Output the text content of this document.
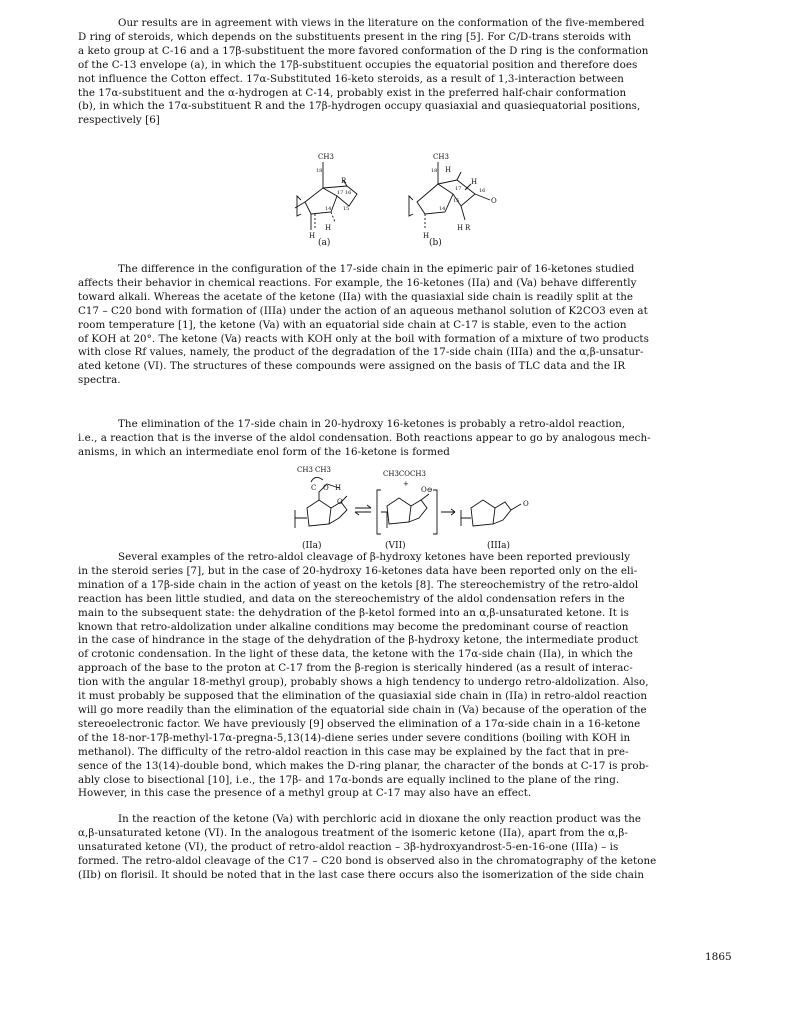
Our results are in agreement with views in the literature on the conformation of the five-membered
D ring of steroids, which depends on the substituents present in the ring [5]. For C/D-trans steroids with
a keto group at C-16 and a 17β-substituent the more favored conformation of the D ring is the conformation
of the C-13 envelope (a), in which the 17β-substituent occupies the equatorial position and therefore does
not influence the Cotton effect. 17α-Substituted 16-keto steroids, as a result of 1,3-interaction between
the 17α-substituent and the α-hydrogen at C-14, probably exist in the preferred half-chair conformation
(b), in which the 17α-substituent R and the 17β-hydrogen occupy quasiaxial and quasiequatorial positions,
respectively [6]
CH3
18
R
17 16
15
14
H
H
CH3
18 H
17
H
16
15
14
O
H
H R
(a)	(b)
The difference in the configuration of the 17-side chain in the epimeric pair of 16-ketones studied
affects their behavior in chemical reactions. For example, the 16-ketones (IIa) and (Va) behave differently
toward alkali. Whereas the acetate of the ketone (IIa) with the quasiaxial side chain is readily split at the
C17 – C20 bond with formation of (IIIa) under the action of an aqueous methanol solution of K2CO3 even at
room temperature [1], the ketone (Va) with an equatorial side chain at C-17 is stable, even to the action
of KOH at 20°. The ketone (Va) reacts with KOH only at the boil with formation of a mixture of two products
with close Rf values, namely, the product of the degradation of the 17-side chain (IIIa) and the α,β-unsatur-
ated ketone (VI). The structures of these compounds were assigned on the basis of TLC data and the IR
spectra.
The elimination of the 17-side chain in 20-hydroxy 16-ketones is probably a retro-aldol reaction,
i.e., a reaction that is the inverse of the aldol condensation. Both reactions appear to go by analogous mech-
anisms, in which an intermediate enol form of the 16-ketone is formed
CH3 CH3
C O H
O
CH3COCH3
+
O⊖
O
(IIa)	(VII)	(IIIa)
Several examples of the retro-aldol cleavage of β-hydroxy ketones have been reported previously
in the steroid series [7], but in the case of 20-hydroxy 16-ketones data have been reported only on the eli-
mination of a 17β-side chain in the action of yeast on the ketols [8]. The stereochemistry of the retro-aldol
reaction has been little studied, and data on the stereochemistry of the aldol condensation refers in the
main to the subsequent state: the dehydration of the β-ketol formed into an α,β-unsaturated ketone. It is
known that retro-aldolization under alkaline conditions may become the predominant course of reaction
in the case of hindrance in the stage of the dehydration of the β-hydroxy ketone, the intermediate product
of crotonic condensation. In the light of these data, the ketone with the 17α-side chain (IIa), in which the
approach of the base to the proton at C-17 from the β-region is sterically hindered (as a result of interac-
tion with the angular 18-methyl group), probably shows a high tendency to undergo retro-aldolization. Also,
it must probably be supposed that the elimination of the quasiaxial side chain in (IIa) in retro-aldol reaction
will go more readily than the elimination of the equatorial side chain in (Va) because of the operation of the
stereoelectronic factor. We have previously [9] observed the elimination of a 17α-side chain in a 16-ketone
of the 18-nor-17β-methyl-17α-pregna-5,13(14)-diene series under severe conditions (boiling with KOH in
methanol). The difficulty of the retro-aldol reaction in this case may be explained by the fact that in pre-
sence of the 13(14)-double bond, which makes the D-ring planar, the character of the bonds at C-17 is prob-
ably close to bisectional [10], i.e., the 17β- and 17α-bonds are equally inclined to the plane of the ring.
However, in this case the presence of a methyl group at C-17 may also have an effect.
In the reaction of the ketone (Va) with perchloric acid in dioxane the only reaction product was the
α,β-unsaturated ketone (VI). In the analogous treatment of the isomeric ketone (IIa), apart from the α,β-
unsaturated ketone (VI), the product of retro-aldol reaction – 3β-hydroxyandrost-5-en-16-one (IIIa) – is
formed. The retro-aldol cleavage of the C17 – C20 bond is observed also in the chromatography of the ketone
(IIb) on florisil. It should be noted that in the last case there occurs also the isomerization of the side chain
1865
